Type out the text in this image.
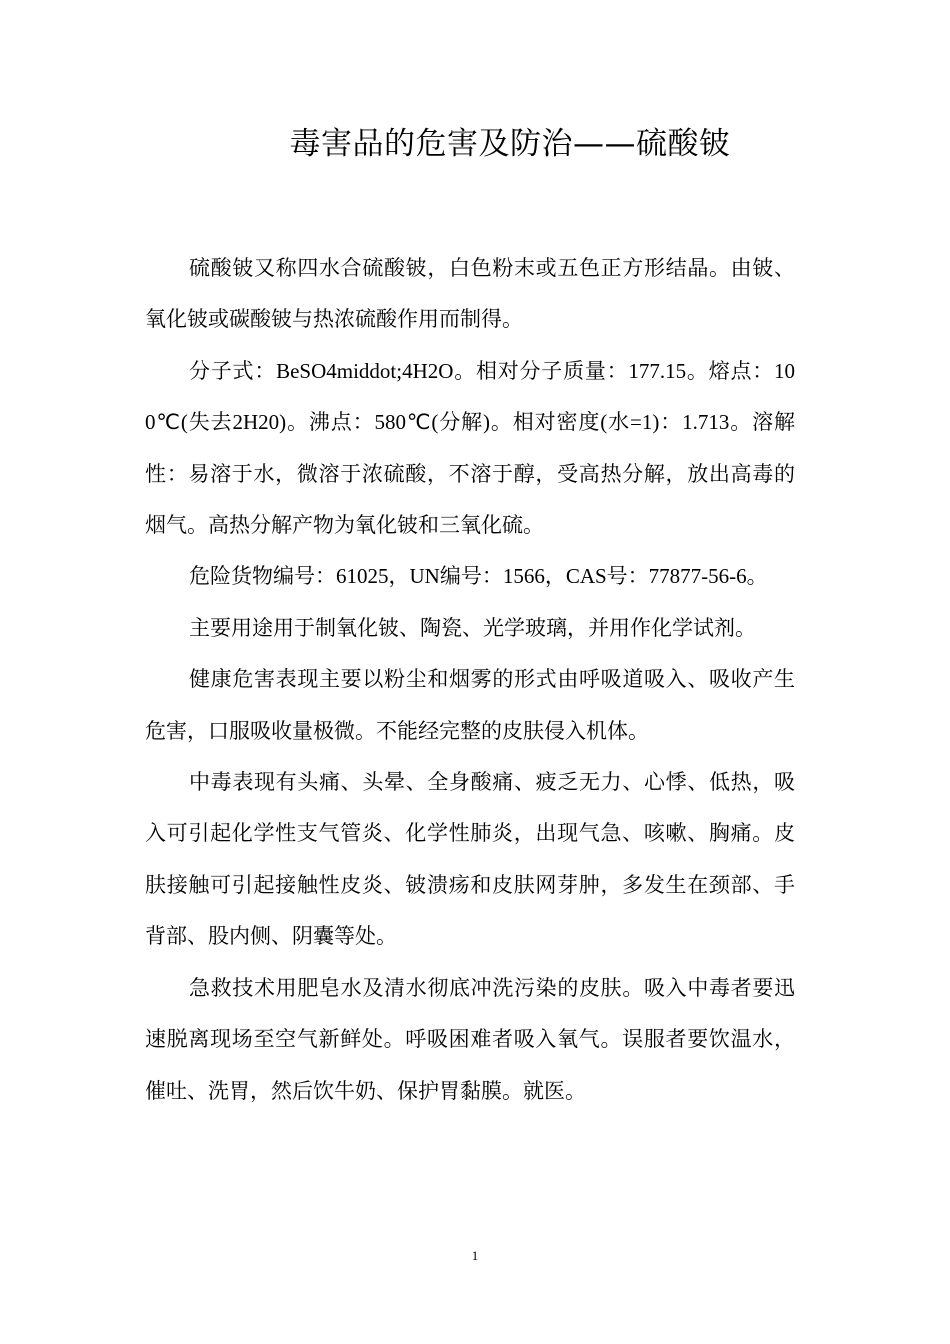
毒害品的危害及防治——硫酸铍

硫酸铍又称四水合硫酸铍，白色粉末或五色正方形结晶。由铍、氧化铍或碳酸铍与热浓硫酸作用而制得。

分子式：BeSO4middot;4H2O。相对分子质量：177.15。熔点：100℃(失去2H20)。沸点：580℃(分解)。相对密度(水=1)：1.713。溶解性：易溶于水，微溶于浓硫酸，不溶于醇，受高热分解，放出高毒的烟气。高热分解产物为氧化铍和三氧化硫。

危险货物编号：61025，UN编号：1566，CAS号：77877-56-6。

主要用途用于制氧化铍、陶瓷、光学玻璃，并用作化学试剂。

健康危害表现主要以粉尘和烟雾的形式由呼吸道吸入、吸收产生危害，口服吸收量极微。不能经完整的皮肤侵入机体。

中毒表现有头痛、头晕、全身酸痛、疲乏无力、心悸、低热，吸入可引起化学性支气管炎、化学性肺炎，出现气急、咳嗽、胸痛。皮肤接触可引起接触性皮炎、铍溃疡和皮肤网芽肿，多发生在颈部、手背部、股内侧、阴囊等处。

急救技术用肥皂水及清水彻底冲洗污染的皮肤。吸入中毒者要迅速脱离现场至空气新鲜处。呼吸困难者吸入氧气。误服者要饮温水，催吐、洗胃，然后饮牛奶、保护胃黏膜。就医。

1
